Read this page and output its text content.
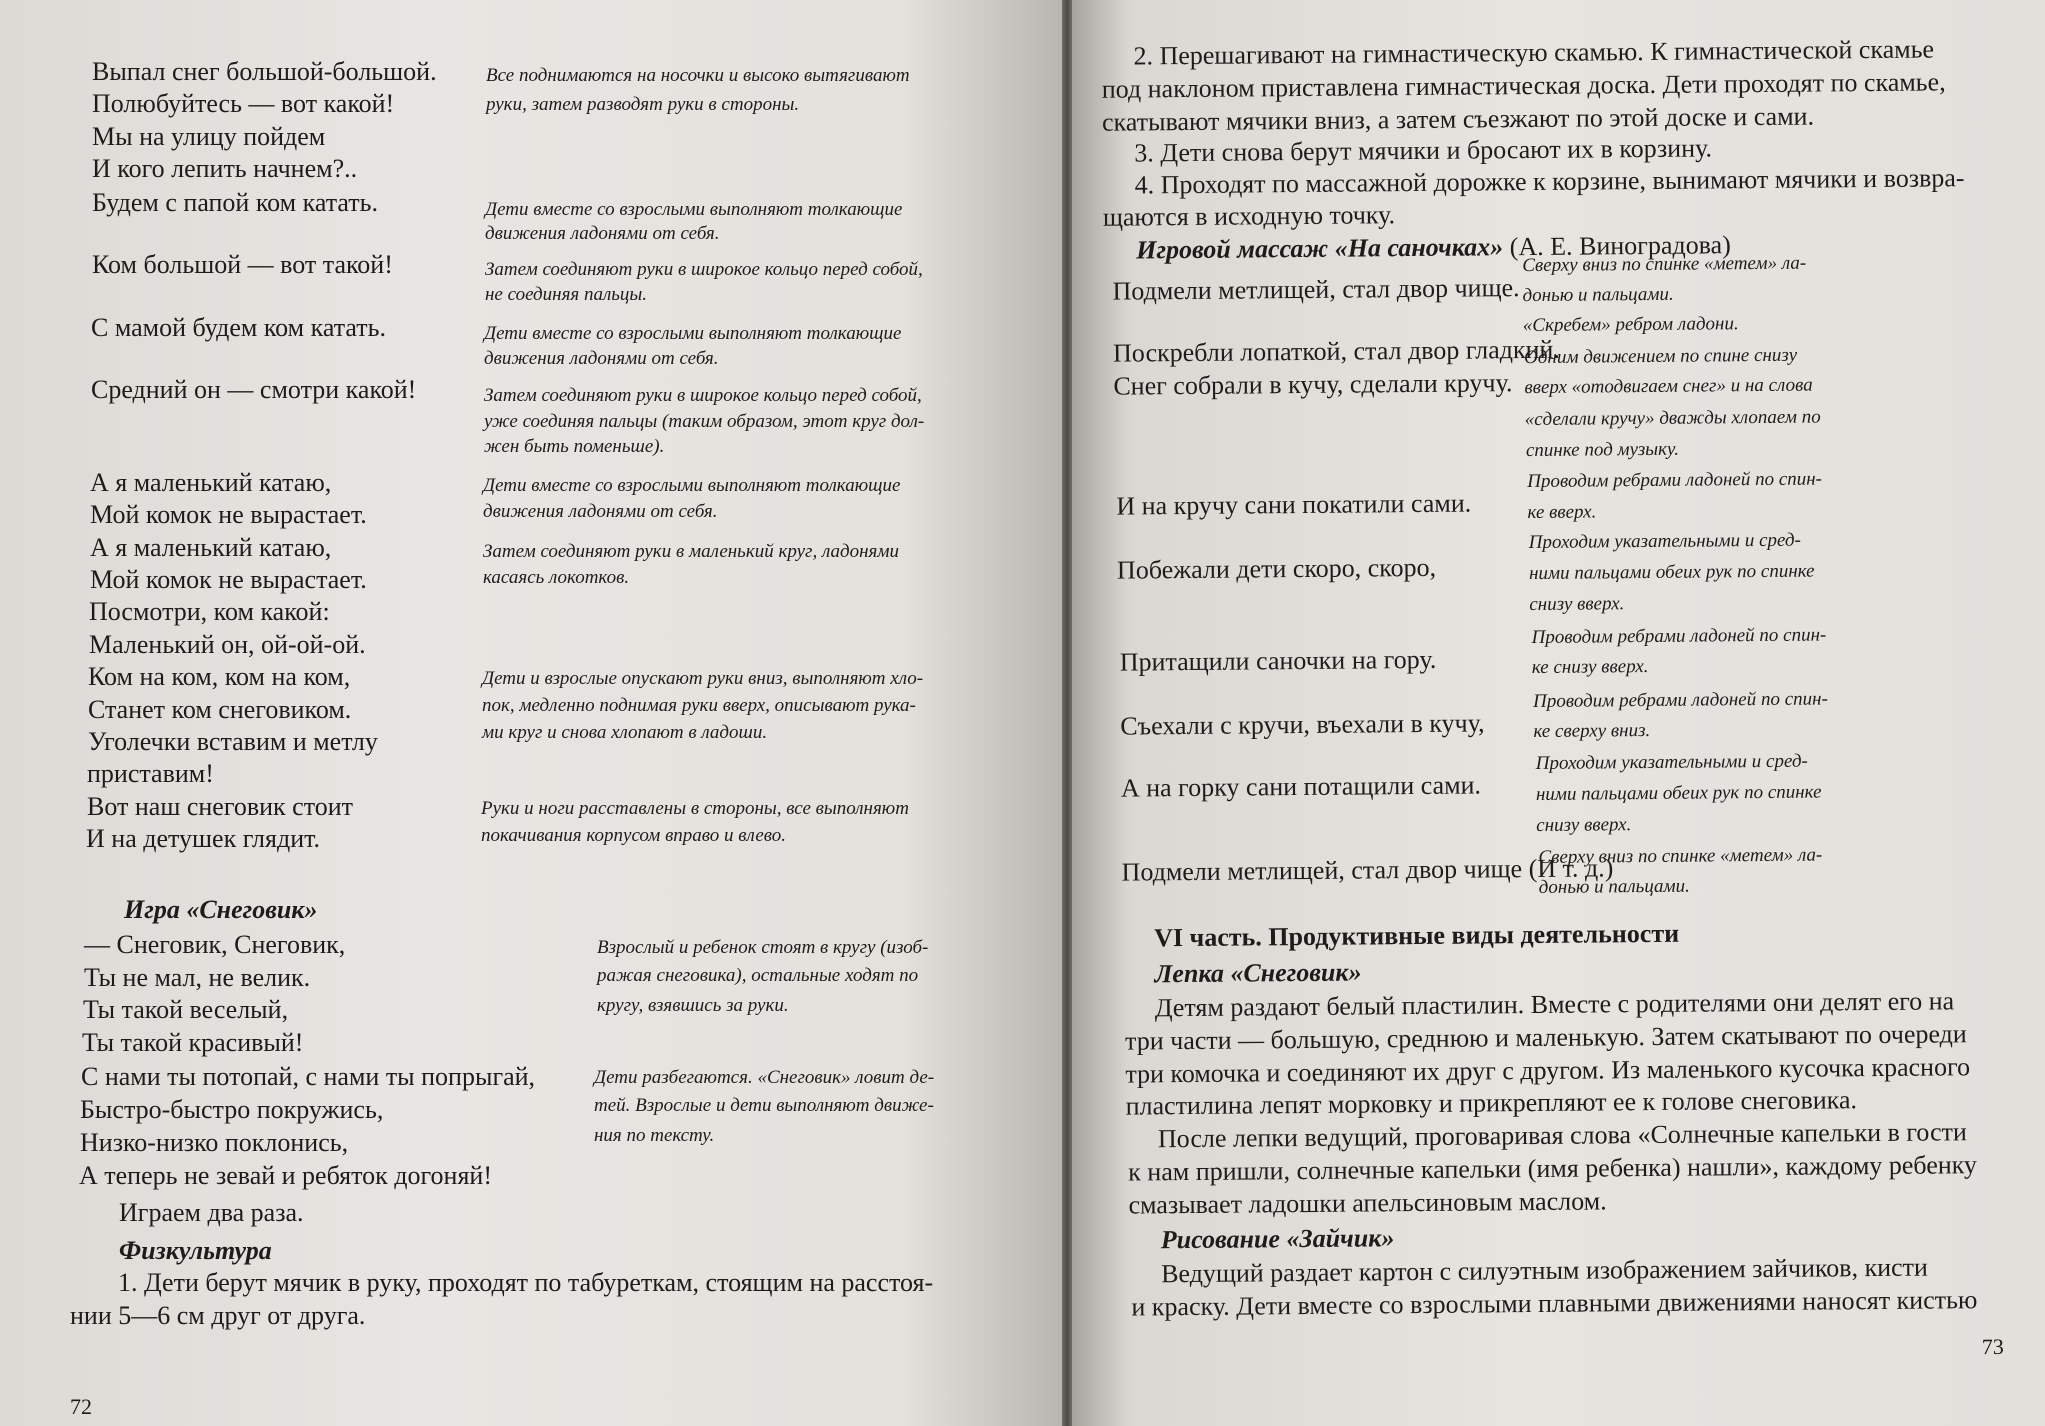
Выпал снег большой-большой.
Полюбуйтесь — вот какой!
Мы на улицу пойдем
И кого лепить начнем?..
Будем с папой ком катать.
Ком большой — вот такой!
С мамой будем ком катать.
Средний он — смотри какой!
А я маленький катаю,
Мой комок не вырастает.
А я маленький катаю,
Мой комок не вырастает.
Посмотри, ком какой:
Маленький он, ой-ой-ой.
Ком на ком, ком на ком,
Станет ком снеговиком.
Уголечки вставим и метлу
приставим!
Вот наш снеговик стоит
И на детушек глядит.
Все поднимаются на носочки и высоко вытягивают
руки, затем разводят руки в стороны.
Дети вместе со взрослыми выполняют толкающие
движения ладонями от себя.
Затем соединяют руки в широкое кольцо перед собой,
не соединяя пальцы.
Дети вместе со взрослыми выполняют толкающие
движения ладонями от себя.
Затем соединяют руки в широкое кольцо перед собой,
уже соединяя пальцы (таким образом, этот круг дол-
жен быть поменьше).
Дети вместе со взрослыми выполняют толкающие
движения ладонями от себя.
Затем соединяют руки в маленький круг, ладонями
касаясь локотков.
Дети и взрослые опускают руки вниз, выполняют хло-
пок, медленно поднимая руки вверх, описывают рука-
ми круг и снова хлопают в ладоши.
Руки и ноги расставлены в стороны, все выполняют
покачивания корпусом вправо и влево.
Игра «Снеговик»
— Снеговик, Снеговик,
Ты не мал, не велик.
Ты такой веселый,
Ты такой красивый!
С нами ты потопай, с нами ты попрыгай,
Быстро-быстро покружись,
Низко-низко поклонись,
А теперь не зевай и ребяток догоняй!
Взрослый и ребенок стоят в кругу (изоб-
ражая снеговика), остальные ходят по
кругу, взявшись за руки.
Дети разбегаются. «Снеговик» ловит де-
тей. Взрослые и дети выполняют движе-
ния по тексту.
Играем два раза.
Физкультура
1. Дети берут мячик в руку, проходят по табуреткам, стоящим на расстоя-
нии 5—6 см друг от друга.
72
2. Перешагивают на гимнастическую скамью. К гимнастической скамье
под наклоном приставлена гимнастическая доска. Дети проходят по скамье,
скатывают мячики вниз, а затем съезжают по этой доске и сами.
3. Дети снова берут мячики и бросают их в корзину.
4. Проходят по массажной дорожке к корзине, вынимают мячики и возвра-
щаются в исходную точку.
Игровой массаж «На саночках» (А. Е. Виноградова)
Подмели метлищей, стал двор чище.
Поскребли лопаткой, стал двор гладкий.
Снег собрали в кучу, сделали кручу.
И на кручу сани покатили сами.
Побежали дети скоро, скоро,
Притащили саночки на гору.
Съехали с кручи, въехали в кучу,
А на горку сани потащили сами.
Подмели метлищей, стал двор чище (И т. д.)
Сверху вниз по спинке «метем» ла-
донью и пальцами.
«Скребем» ребром ладони.
Одним движением по спине снизу
вверх «отодвигаем снег» и на слова
«сделали кручу» дважды хлопаем по
спинке под музыку.
Проводим ребрами ладоней по спин-
ке вверх.
Проходим указательными и сред-
ними пальцами обеих рук по спинке
снизу вверх.
Проводим ребрами ладоней по спин-
ке снизу вверх.
Проводим ребрами ладоней по спин-
ке сверху вниз.
Проходим указательными и сред-
ними пальцами обеих рук по спинке
снизу вверх.
Сверху вниз по спинке «метем» ла-
донью и пальцами.
VI часть. Продуктивные виды деятельности
Лепка «Снеговик»
Детям раздают белый пластилин. Вместе с родителями они делят его на
три части — большую, среднюю и маленькую. Затем скатывают по очереди
три комочка и соединяют их друг с другом. Из маленького кусочка красного
пластилина лепят морковку и прикрепляют ее к голове снеговика.
После лепки ведущий, проговаривая слова «Солнечные капельки в гости
к нам пришли, солнечные капельки (имя ребенка) нашли», каждому ребенку
смазывает ладошки апельсиновым маслом.
Рисование «Зайчик»
Ведущий раздает картон с силуэтным изображением зайчиков, кисти
и краску. Дети вместе со взрослыми плавными движениями наносят кистью
73
